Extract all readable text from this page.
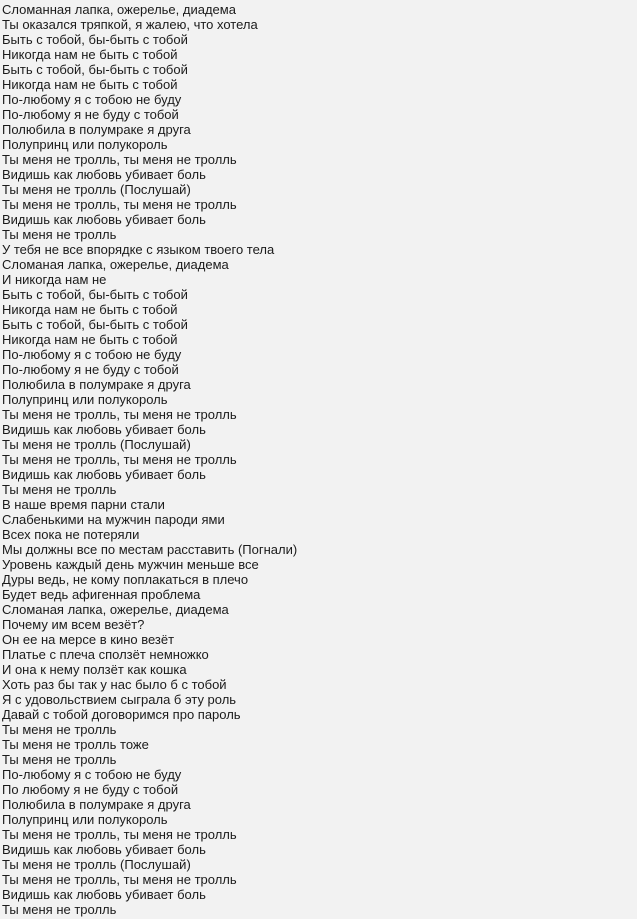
Сломанная лапка, ожерелье, диадема
Ты оказался тряпкой, я жалею, что хотела
Быть с тобой, бы-быть с тобой
Никогда нам не быть с тобой
Быть с тобой, бы-быть с тобой
Никогда нам не быть с тобой
По-любому я с тобою не буду
По-любому я не буду с тобой
Полюбила в полумраке я друга
Полупринц или полукороль
Ты меня не тролль, ты меня не тролль
Видишь как любовь убивает боль
Ты меня не тролль (Послушай)
Ты меня не тролль, ты меня не тролль
Видишь как любовь убивает боль
Ты меня не тролль
У тебя не все впорядке с языком твоего тела
Сломаная лапка, ожерелье, диадема
И никогда нам не
Быть с тобой, бы-быть с тобой
Никогда нам не быть с тобой
Быть с тобой, бы-быть с тобой
Никогда нам не быть с тобой
По-любому я с тобою не буду
По-любому я не буду с тобой
Полюбила в полумраке я друга
Полупринц или полукороль
Ты меня не тролль, ты меня не тролль
Видишь как любовь убивает боль
Ты меня не тролль (Послушай)
Ты меня не тролль, ты меня не тролль
Видишь как любовь убивает боль
Ты меня не тролль
В наше время парни стали
Слабенькими на мужчин пароди ями
Всех пока не потеряли
Мы должны все по местам расставить (Погнали)
Уровень каждый день мужчин меньше все
Дуры ведь, не кому поплакаться в плечо
Будет ведь афигенная проблема
Сломаная лапка, ожерелье, диадема
Почему им всем везёт?
Он ее на мерсе в кино везёт
Платье с плеча сползёт немножко
И она к нему ползёт как кошка
Хоть раз бы так у нас было б с тобой
Я с удовольствием сыграла б эту роль
Давай с тобой договоримся про пароль
Ты меня не тролль
Ты меня не тролль тоже
Ты меня не тролль
По-любому я с тобою не буду
По любому я не буду с тобой
Полюбила в полумраке я друга
Полупринц или полукороль
Ты меня не тролль, ты меня не тролль
Видишь как любовь убивает боль
Ты меня не тролль (Послушай)
Ты меня не тролль, ты меня не тролль
Видишь как любовь убивает боль
Ты меня не тролль
